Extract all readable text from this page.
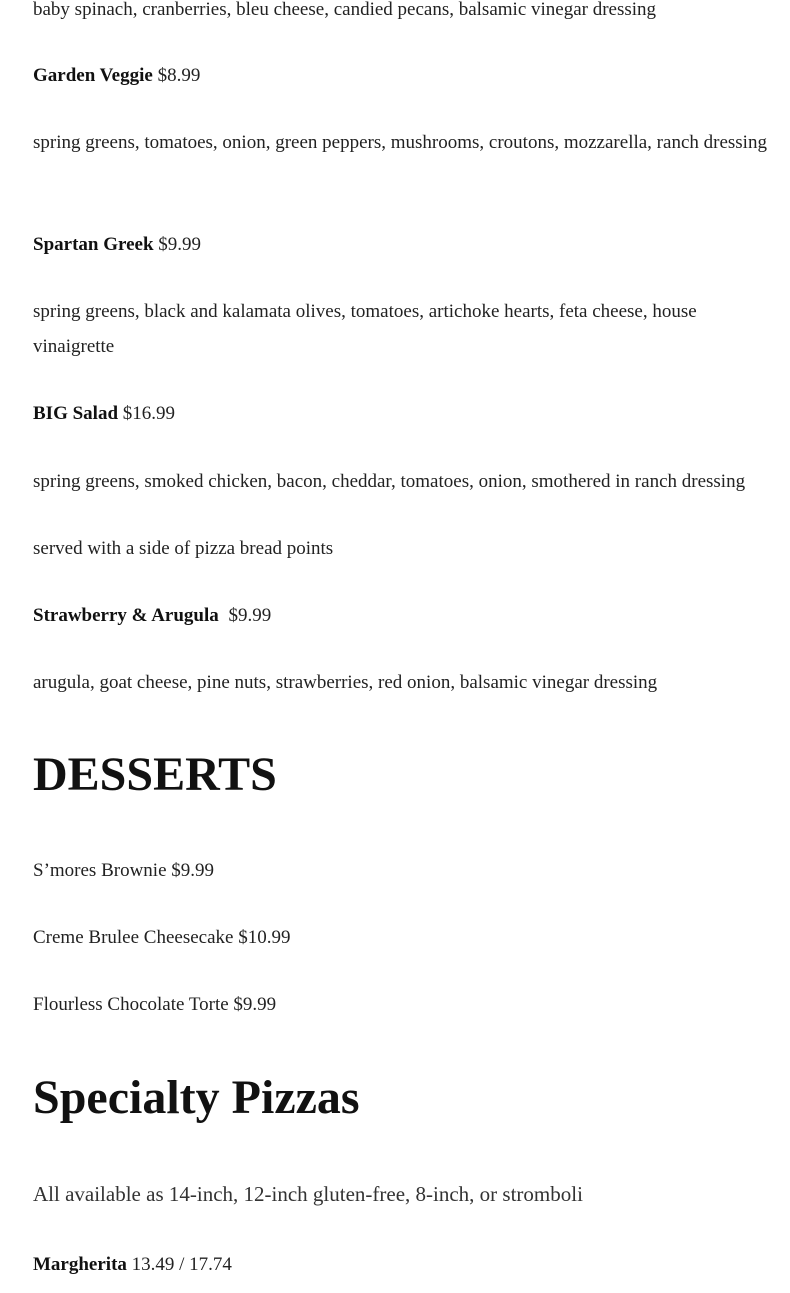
baby spinach, cranberries, bleu cheese, candied pecans, balsamic vinegar dressing

Garden Veggie $8.99

spring greens, tomatoes, onion, green peppers, mushrooms, croutons, mozzarella, ranch dressing

Spartan Greek $9.99

spring greens, black and kalamata olives, tomatoes, artichoke hearts, feta cheese, house vinaigrette

BIG Salad $16.99

spring greens, smoked chicken, bacon, cheddar, tomatoes, onion, smothered in ranch dressing

served with a side of pizza bread points

Strawberry & Arugula $9.99

arugula, goat cheese, pine nuts, strawberries, red onion, balsamic vinegar dressing

DESSERTS

S’mores Brownie $9.99

Creme Brulee Cheesecake $10.99

Flourless Chocolate Torte $9.99

Specialty Pizzas

All available as 14-inch, 12-inch gluten-free, 8-inch, or stromboli

Margherita 13.49 / 17.74
